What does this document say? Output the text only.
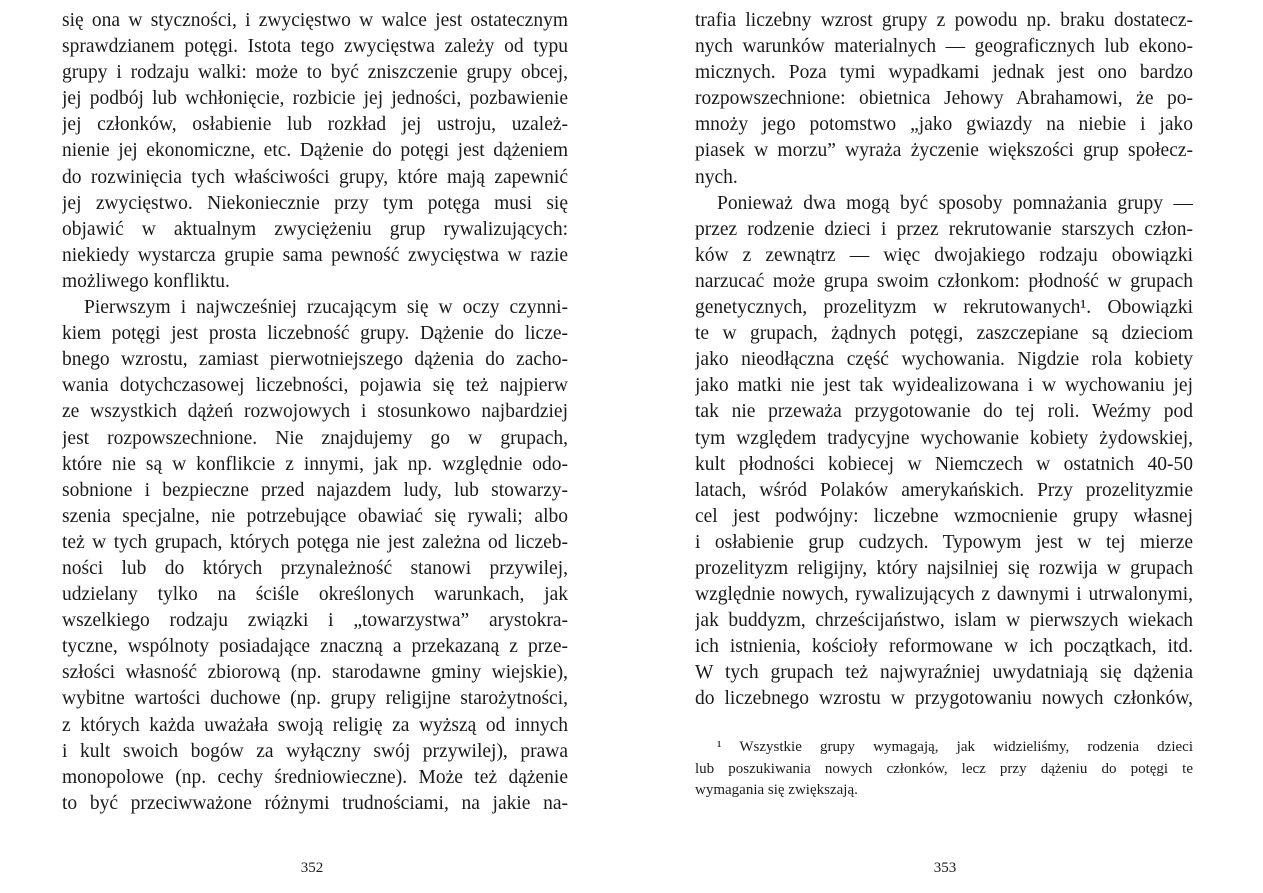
się ona w styczności, i zwycięstwo w walce jest ostatecznym
sprawdzianem potęgi. Istota tego zwycięstwa zależy od typu
grupy i rodzaju walki: może to być zniszczenie grupy obcej,
jej podbój lub wchłonięcie, rozbicie jej jedności, pozbawienie
jej członków, osłabienie lub rozkład jej ustroju, uzależ-
nienie jej ekonomiczne, etc. Dążenie do potęgi jest dążeniem
do rozwinięcia tych właściwości grupy, które mają zapewnić
jej zwycięstwo. Niekoniecznie przy tym potęga musi się
objawić w aktualnym zwyciężeniu grup rywalizujących:
niekiedy wystarcza grupie sama pewność zwycięstwa w razie
możliwego konfliktu.
Pierwszym i najwcześniej rzucającym się w oczy czynni-
kiem potęgi jest prosta liczebność grupy. Dążenie do licze-
bnego wzrostu, zamiast pierwotniejszego dążenia do zacho-
wania dotychczasowej liczebności, pojawia się też najpierw
ze wszystkich dążeń rozwojowych i stosunkowo najbardziej
jest rozpowszechnione. Nie znajdujemy go w grupach,
które nie są w konflikcie z innymi, jak np. względnie odo-
sobnione i bezpieczne przed najazdem ludy, lub stowarzy-
szenia specjalne, nie potrzebujące obawiać się rywali; albo
też w tych grupach, których potęga nie jest zależna od liczeb-
ności lub do których przynależność stanowi przywilej,
udzielany tylko na ściśle określonych warunkach, jak
wszelkiego rodzaju związki i „towarzystwa” arystokra-
tyczne, wspólnoty posiadające znaczną a przekazaną z prze-
szłości własność zbiorową (np. starodawne gminy wiejskie),
wybitne wartości duchowe (np. grupy religijne starożytności,
z których każda uważała swoją religię za wyższą od innych
i kult swoich bogów za wyłączny swój przywilej), prawa
monopolowe (np. cechy średniowieczne). Może też dążenie
to być przeciwważone różnymi trudnościami, na jakie na-
352
trafia liczebny wzrost grupy z powodu np. braku dostatecz-
nych warunków materialnych — geograficznych lub ekono-
micznych. Poza tymi wypadkami jednak jest ono bardzo
rozpowszechnione: obietnica Jehowy Abrahamowi, że po-
mnoży jego potomstwo „jako gwiazdy na niebie i jako
piasek w morzu” wyraża życzenie większości grup społecz-
nych.
Ponieważ dwa mogą być sposoby pomnażania grupy —
przez rodzenie dzieci i przez rekrutowanie starszych człon-
ków z zewnątrz — więc dwojakiego rodzaju obowiązki
narzucać może grupa swoim członkom: płodność w grupach
genetycznych, prozelityzm w rekrutowanych¹. Obowiązki
te w grupach, żądnych potęgi, zaszczepiane są dzieciom
jako nieodłączna część wychowania. Nigdzie rola kobiety
jako matki nie jest tak wyidealizowana i w wychowaniu jej
tak nie przeważa przygotowanie do tej roli. Weźmy pod
tym względem tradycyjne wychowanie kobiety żydowskiej,
kult płodności kobiecej w Niemczech w ostatnich 40-50
latach, wśród Polaków amerykańskich. Przy prozelityzmie
cel jest podwójny: liczebne wzmocnienie grupy własnej
i osłabienie grup cudzych. Typowym jest w tej mierze
prozelityzm religijny, który najsilniej się rozwija w grupach
względnie nowych, rywalizujących z dawnymi i utrwalonymi,
jak buddyzm, chrześcijaństwo, islam w pierwszych wiekach
ich istnienia, kościoły reformowane w ich początkach, itd.
W tych grupach też najwyraźniej uwydatniają się dążenia
do liczebnego wzrostu w przygotowaniu nowych członków,
¹ Wszystkie grupy wymagają, jak widzieliśmy, rodzenia dzieci
lub poszukiwania nowych członków, lecz przy dążeniu do potęgi te
wymagania się zwiększają.
353
